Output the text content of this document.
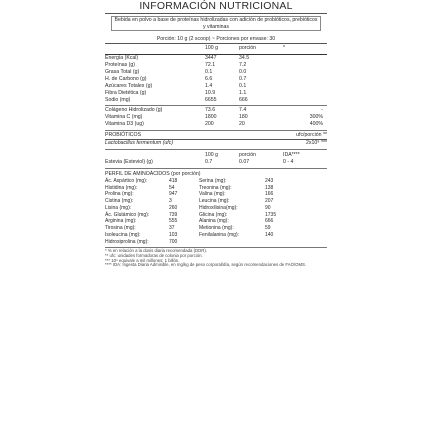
INFORMACIÓN NUTRICIONAL
Bebida en polvo a base de proteínas hidrolizadas con adición de probióticos, prebióticos y vitaminas
Porción: 10 g (2 scoop) ~ Porciones por envase: 30
100 g	porción	*
Energía (Kcal)	3447	34.5
Proteínas (g)	72.1	7.2
Grasa Total (g)	0.1	0.0
H. de Carbono (g)	6.6	0.7
Azúcares Totales (g)	1.4	0.1
Fibra Dietética (g)	10.9	1.1
Sodio (mg)	6655	666
Colágeno Hidrolizado (g)	73.6	7.4	-
Vitamina C (mg)	1800	180	300%
Vitamina D3 (ug)	200	20	400%
PROBIÓTICOS	ufc/porción **
Lactobacillus fermentum (ufc)	2x10⁹ ***
100 g	porción	IDA****
Estevia (Esteviol) (g)	0.7	0.07	0 - 4
PERFIL DE AMINOÁCIDOS (por porción)
Ác. Aspártico (mg):	418	Serina (mg):	243
Histidina (mg):	54	Treonina (mg):	138
Prolina (mg):	947	Valina (mg):	166
Cistina (mg):	3	Leucina (mg):	207
Lisina (mg):	260	Hidroxilisina(mg):	90
Ác. Glutámico (mg):	739	Glicina (mg):	1735
Arginina (mg):	555	Alanina (mg):	666
Tirosina (mg):	37	Metionina (mg):	59
Isoleucina (mg):	103	Fenilalanina (mg):	140
Hidroxiprolina (mg):	700
* % en relación a la dosis diaria recomendada (DDR).
** ufc: unidades formadoras de colonia por porción.
*** 10⁹ equivale a mil millones: 1 billón.
**** IDA: Ingesta Diaria Admisible, en mg/kg de peso corporal/día, según recomendaciones de FAO/OMS.
